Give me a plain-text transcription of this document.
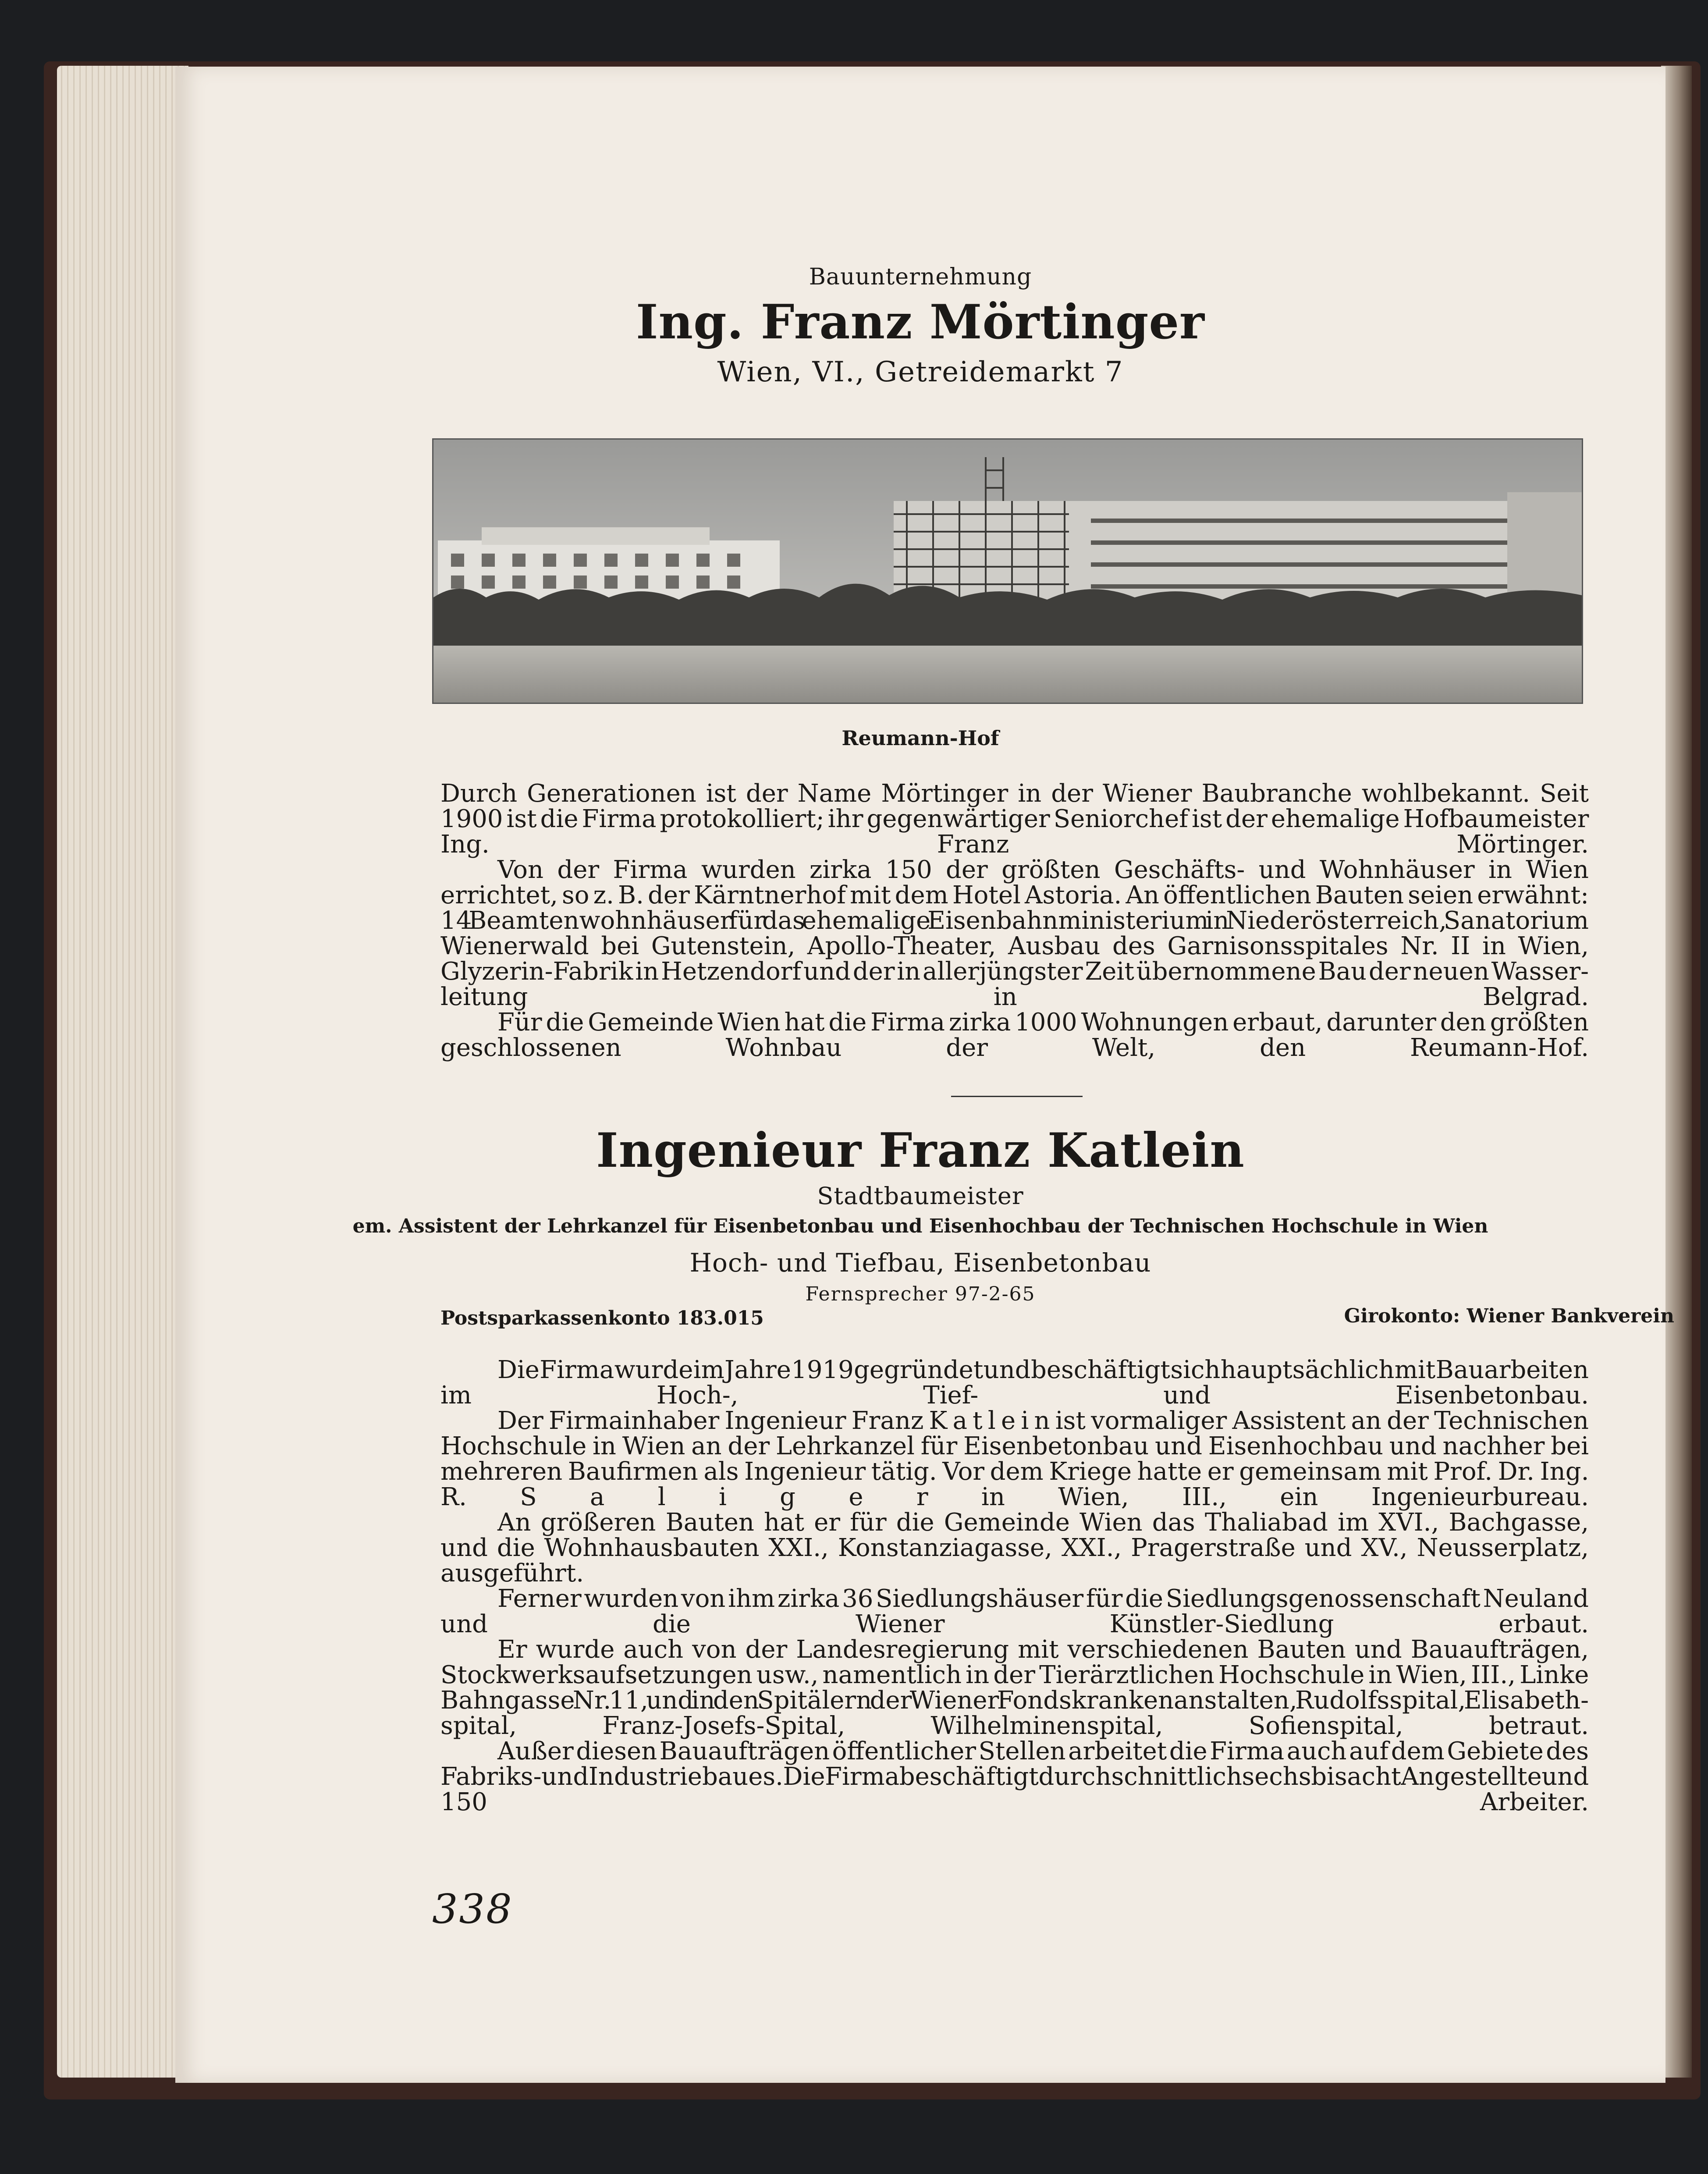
Bauunternehmung
Ing. Franz Mörtinger
Wien, VI., Getreidemarkt 7
Reumann-Hof
Durch Generationen ist der Name Mörtinger in der Wiener Baubranche wohlbekannt. Seit
1900 ist die Firma protokolliert; ihr gegenwärtiger Seniorchef ist der ehemalige Hofbaumeister
Ing. Franz Mörtinger.
Von der Firma wurden zirka 150 der größten Geschäfts- und Wohnhäuser in Wien
errichtet, so z. B. der Kärntnerhof mit dem Hotel Astoria. An öffentlichen Bauten seien erwähnt:
14 Beamtenwohnhäuser für das ehemalige Eisenbahnministerium in Niederösterreich, Sanatorium
Wienerwald bei Gutenstein, Apollo-Theater, Ausbau des Garnisonsspitales Nr. II in Wien,
Glyzerin-Fabrik in Hetzendorf und der in allerjüngster Zeit übernommene Bau der neuen Wasser-
leitung in Belgrad.
Für die Gemeinde Wien hat die Firma zirka 1000 Wohnungen erbaut, darunter den größten
geschlossenen Wohnbau der Welt, den Reumann-Hof.
Ingenieur Franz Katlein
Stadtbaumeister
em. Assistent der Lehrkanzel für Eisenbetonbau und Eisenhochbau der Technischen Hochschule in Wien
Hoch- und Tiefbau, Eisenbetonbau
Fernsprecher 97-2-65
Postsparkassenkonto 183.015	Girokonto: Wiener Bankverein
Die Firma wurde im Jahre 1919 gegründet und beschäftigt sich hauptsächlich mit Bauarbeiten
im Hoch-, Tief- und Eisenbetonbau.
Der Firmainhaber Ingenieur Franz K a t l e i n ist vormaliger Assistent an der Technischen
Hochschule in Wien an der Lehrkanzel für Eisenbetonbau und Eisenhochbau und nachher bei
mehreren Baufirmen als Ingenieur tätig. Vor dem Kriege hatte er gemeinsam mit Prof. Dr. Ing.
R. S a l i g e r in Wien, III., ein Ingenieurbureau.
An größeren Bauten hat er für die Gemeinde Wien das Thaliabad im XVI., Bachgasse,
und die Wohnhausbauten XXI., Konstanziagasse, XXI., Pragerstraße und XV., Neusserplatz,
ausgeführt.
Ferner wurden von ihm zirka 36 Siedlungshäuser für die Siedlungsgenossenschaft Neuland
und die Wiener Künstler-Siedlung erbaut.
Er wurde auch von der Landesregierung mit verschiedenen Bauten und Bauaufträgen,
Stockwerksaufsetzungen usw., namentlich in der Tierärztlichen Hochschule in Wien, III., Linke
Bahngasse Nr. 11, und in den Spitälern der Wiener Fondskrankenanstalten, Rudolfsspital, Elisabeth-
spital, Franz-Josefs-Spital, Wilhelminenspital, Sofienspital, betraut.
Außer diesen Bauaufträgen öffentlicher Stellen arbeitet die Firma auch auf dem Gebiete des
Fabriks- und Industriebaues. Die Firma beschäftigt durchschnittlich sechs bis acht Angestellte und
150 Arbeiter.
338
